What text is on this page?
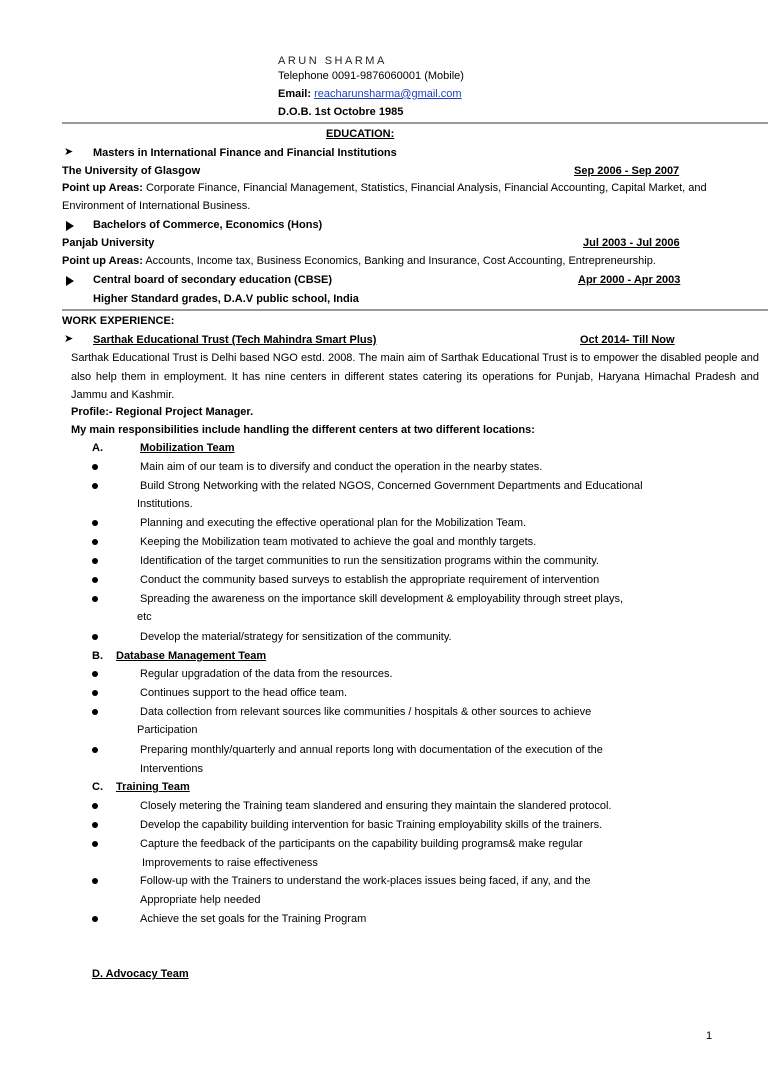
ARUN SHARMA
Telephone 0091-9876060001 (Mobile)
Email: reacharunsharma@gmail.com
D.O.B. 1st Octobre 1985
EDUCATION:
➤ Masters in International Finance and Financial Institutions
The University of Glasgow	Sep 2006 - Sep 2007
Point up Areas: Corporate Finance, Financial Management, Statistics, Financial Analysis, Financial Accounting, Capital Market, and
Environment of International Business.
Bachelors of Commerce, Economics (Hons)
Panjab University	Jul 2003 - Jul 2006
Point up Areas: Accounts, Income tax, Business Economics, Banking and Insurance, Cost Accounting, Entrepreneurship.
Central board of secondary education (CBSE)	Apr 2000 - Apr 2003
Higher Standard grades, D.A.V public school, India
WORK EXPERIENCE:
➤ Sarthak Educational Trust (Tech Mahindra Smart Plus)	Oct 2014- Till Now
Sarthak Educational Trust is Delhi based NGO estd. 2008. The main aim of Sarthak Educational Trust is to empower the disabled people and also help them in employment. It has nine centers in different states catering its operations for Punjab, Haryana Himachal Pradesh and Jammu and Kashmir.
Profile:- Regional Project Manager.
My main responsibilities include handling the different centers at two different locations:
A.	Mobilization Team
Main aim of our team is to diversify and conduct the operation in the nearby states.
Build Strong Networking with the related NGOS, Concerned Government Departments and Educational
Institutions.
Planning and executing the effective operational plan for the Mobilization Team.
Keeping the Mobilization team motivated to achieve the goal and monthly targets.
Identification of the target communities to run the sensitization programs within the community.
Conduct the community based surveys to establish the appropriate requirement of intervention
Spreading the awareness on the importance skill development & employability through street plays,
etc
Develop the material/strategy for sensitization of the community.
B. Database Management Team
Regular upgradation of the data from the resources.
Continues support to the head office team.
Data collection from relevant sources like communities / hospitals & other sources to achieve
Participation
Preparing monthly/quarterly and annual reports long with documentation of the execution of the
Interventions
C. Training Team
Closely metering the Training team slandered and ensuring they maintain the slandered protocol.
Develop the capability building intervention for basic Training employability skills of the trainers.
Capture the feedback of the participants on the capability building programs& make regular
Improvements to raise effectiveness
Follow-up with the Trainers to understand the work-places issues being faced, if any, and the
Appropriate help needed
Achieve the set goals for the Training Program
D. Advocacy Team
1
